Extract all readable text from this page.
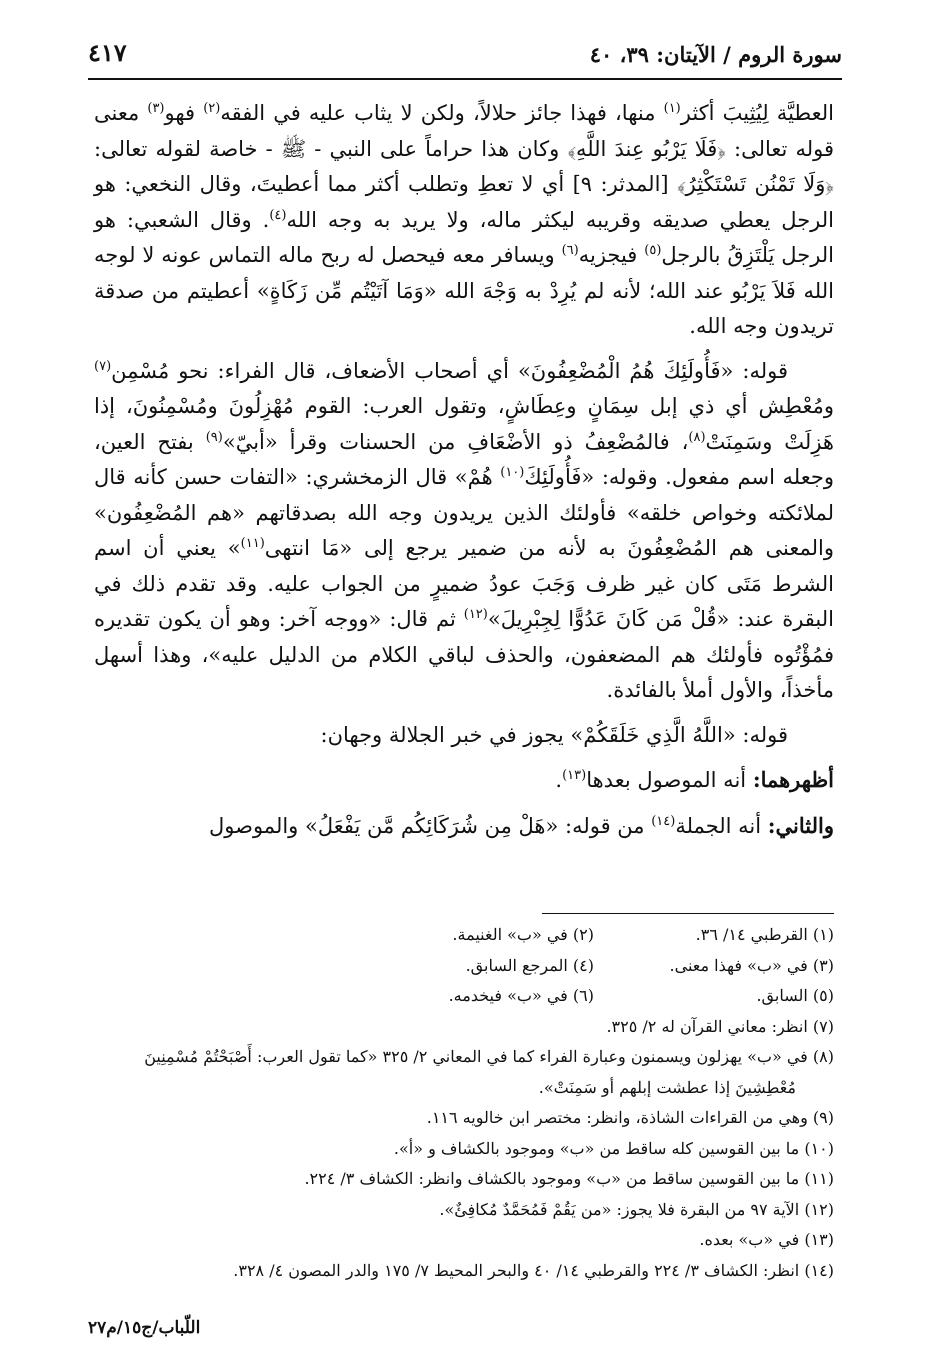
سورة الروم / الآيتان: ٣٩، ٤٠
٤١٧

العطيَّة لِيُثِيبَ أكثر$^{(١)}$ منها، فهذا جائز حلالاً، ولكن لا يثاب عليه في الفقه$^{(٢)}$ فهو$^{(٣)}$ معنى قوله تعالى: ﴿فَلَا يَرْبُو عِندَ اللَّهِ﴾ وكان هذا حراماً على النبي - ﷺ - خاصة لقوله تعالى: ﴿وَلَا تَمْنُن تَسْتَكْثِرُ﴾ [المدثر: ٩] أي لا تعطِ وتطلب أكثر مما أعطيتَ، وقال النخعي: هو الرجل يعطي صديقه وقريبه ليكثر ماله، ولا يريد به وجه الله$^{(٤)}$. وقال الشعبي: هو الرجل يَلْتَزِقُ بالرجل$^{(٥)}$ فيجزيه$^{(٦)}$ ويسافر معه فيحصل له ربح ماله التماس عونه لا لوجه الله فَلاَ يَرْبُو عند الله؛ لأنه لم يُرِدْ به وَجْهَ الله «وَمَا آتَيْتُم مِّن زَكَاةٍ» أعطيتم من صدقة تريدون وجه الله.

قوله: «فَأُولَئِكَ هُمُ الْمُضْعِفُونَ» أي أصحاب الأضعاف، قال الفراء: نحو مُسْمِن$^{(٧)}$ ومُعْطِش أي ذي إبل سِمَانٍ وعِطَاشٍ، وتقول العرب: القوم مُهْزِلُونَ ومُسْمِنُونَ، إذا هَزِلَتْ وسَمِنَتْ$^{(٨)}$، فالمُضْعِفُ ذو الأضْعَافِ من الحسنات وقرأ «أبيّ»$^{(٩)}$ بفتح العين، وجعله اسم مفعول. وقوله: «فَأُولَئِكَ$^{(١٠)}$ هُمْ» قال الزمخشري: «التفات حسن كأنه قال لملائكته وخواص خلقه» فأولئك الذين يريدون وجه الله بصدقاتهم «هم المُضْعِفُون» والمعنى هم المُضْعِفُونَ به لأنه من ضمير يرجع إلى «مَا انتهى$^{(١١)}$» يعني أن اسم الشرط مَتَى كان غير ظرف وَجَبَ عودُ ضميرٍ من الجواب عليه. وقد تقدم ذلك في البقرة عند: «قُلْ مَن كَانَ عَدُوًّا لِجِبْرِيلَ»$^{(١٢)}$ ثم قال: «ووجه آخر: وهو أن يكون تقديره فمُؤْتُوه فأولئك هم المضعفون، والحذف لباقي الكلام من الدليل عليه»، وهذا أسهل مأخذاً، والأول أملأ بالفائدة.

قوله: «اللَّهُ الَّذِي خَلَقَكُمْ» يجوز في خبر الجلالة وجهان:

أظهرهما: أنه الموصول بعدها$^{(١٣)}$.

والثاني: أنه الجملة$^{(١٤)}$ من قوله: «هَلْ مِن شُرَكَائِكُم مَّن يَفْعَلُ» والموصول

(١) القرطبي ١٤/ ٣٦.
(٢) في «ب» الغنيمة.
(٣) في «ب» فهذا معنى.
(٤) المرجع السابق.
(٥) السابق.
(٦) في «ب» فيخدمه.
(٧) انظر: معاني القرآن له ٢/ ٣٢٥.
(٨) في «ب» يهزلون ويسمنون وعبارة الفراء كما في المعاني ٢/ ٣٢٥ «كما تقول العرب: أَصْبَحْتُمْ مُسْمِنِينَ مُعْطِشِينَ إذا عطشت إبلهم أو سَمِنَتْ».
(٩) وهي من القراءات الشاذة، وانظر: مختصر ابن خالويه ١١٦.
(١٠) ما بين القوسين كله ساقط من «ب» وموجود بالكشاف و «أ».
(١١) ما بين القوسين ساقط من «ب» وموجود بالكشاف وانظر: الكشاف ٣/ ٢٢٤.
(١٢) الآية ٩٧ من البقرة فلا يجوز: «من يَقُمْ فَمُحَمَّدٌ مُكافِئٌ».
(١٣) في «ب» بعده.
(١٤) انظر: الكشاف ٣/ ٢٢٤ والقرطبي ١٤/ ٤٠ والبحر المحيط ٧/ ١٧٥ والدر المصون ٤/ ٣٢٨.
اللّباب/ج١٥/م٢٧
